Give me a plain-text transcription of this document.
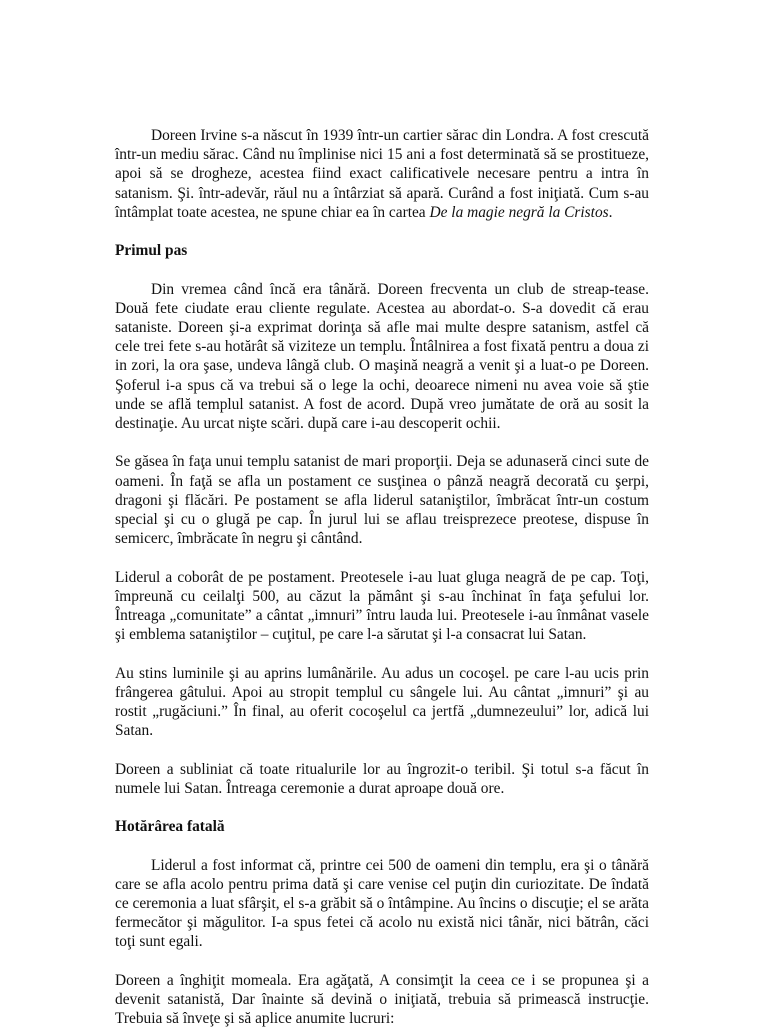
Doreen Irvine s-a născut în 1939 într-un cartier sărac din Londra. A fost crescută într-un mediu sărac. Când nu împlinise nici 15 ani a fost determinată să se prostitueze, apoi să se drogheze, acestea fiind exact calificativele necesare pentru a intra în satanism. Şi. într-adevăr, răul nu a întârziat să apară. Curând a fost iniţiată. Cum s-au întâmplat toate acestea, ne spune chiar ea în cartea De la magie negră la Cristos.

Primul pas

Din vremea când încă era tânără. Doreen frecventa un club de streap-tease. Două fete ciudate erau cliente regulate. Acestea au abordat-o. S-a dovedit că erau sataniste. Doreen şi-a exprimat dorinţa să afle mai multe despre satanism, astfel că cele trei fete s-au hotărât să viziteze un templu. Întâlnirea a fost fixată pentru a doua zi in zori, la ora şase, undeva lângă club. O maşină neagră a venit şi a luat-o pe Doreen. Şoferul i-a spus că va trebui să o lege la ochi, deoarece nimeni nu avea voie să ştie unde se află templul satanist. A fost de acord. După vreo jumătate de oră au sosit la destinaţie. Au urcat nişte scări. după care i-au descoperit ochii.

Se găsea în faţa unui templu satanist de mari proporţii. Deja se adunaseră cinci sute de oameni. În faţă se afla un postament ce susţinea o pânză neagră decorată cu şerpi, dragoni şi flăcări. Pe postament se afla liderul sataniştilor, îmbrăcat într-un costum special şi cu o glugă pe cap. În jurul lui se aflau treisprezece preotese, dispuse în semicerc, îmbrăcate în negru şi cântând.

Liderul a coborât de pe postament. Preotesele i-au luat gluga neagră de pe cap. Toţi, împreună cu ceilalţi 500, au căzut la pământ şi s-au închinat în faţa şefului lor. Întreaga „comunitate” a cântat „imnuri” întru lauda lui. Preotesele i-au înmânat vasele şi emblema sataniştilor – cuţitul, pe care l-a sărutat şi l-a consacrat lui Satan.

Au stins luminile şi au aprins lumânările. Au adus un cocoşel. pe care l-au ucis prin frângerea gâtului. Apoi au stropit templul cu sângele lui. Au cântat „imnuri” şi au rostit „rugăciuni.” În final, au oferit cocoşelul ca jertfă „dumnezeului” lor, adică lui Satan.

Doreen a subliniat că toate ritualurile lor au îngrozit-o teribil. Şi totul s-a făcut în numele lui Satan. Întreaga ceremonie a durat aproape două ore.

Hotărârea fatală

Liderul a fost informat că, printre cei 500 de oameni din templu, era şi o tânără care se afla acolo pentru prima dată şi care venise cel puţin din curiozitate. De îndată ce ceremonia a luat sfârşit, el s-a grăbit să o întâmpine. Au încins o discuţie; el se arăta fermecător şi măgulitor. I-a spus fetei că acolo nu există nici tânăr, nici bătrân, căci toţi sunt egali.

Doreen a înghiţit momeala. Era agăţată, A consimţit la ceea ce i se propunea şi a devenit satanistă, Dar înainte să devină o iniţiată, trebuia să primească instrucţie. Trebuia să înveţe şi să aplice anumite lucruri:
